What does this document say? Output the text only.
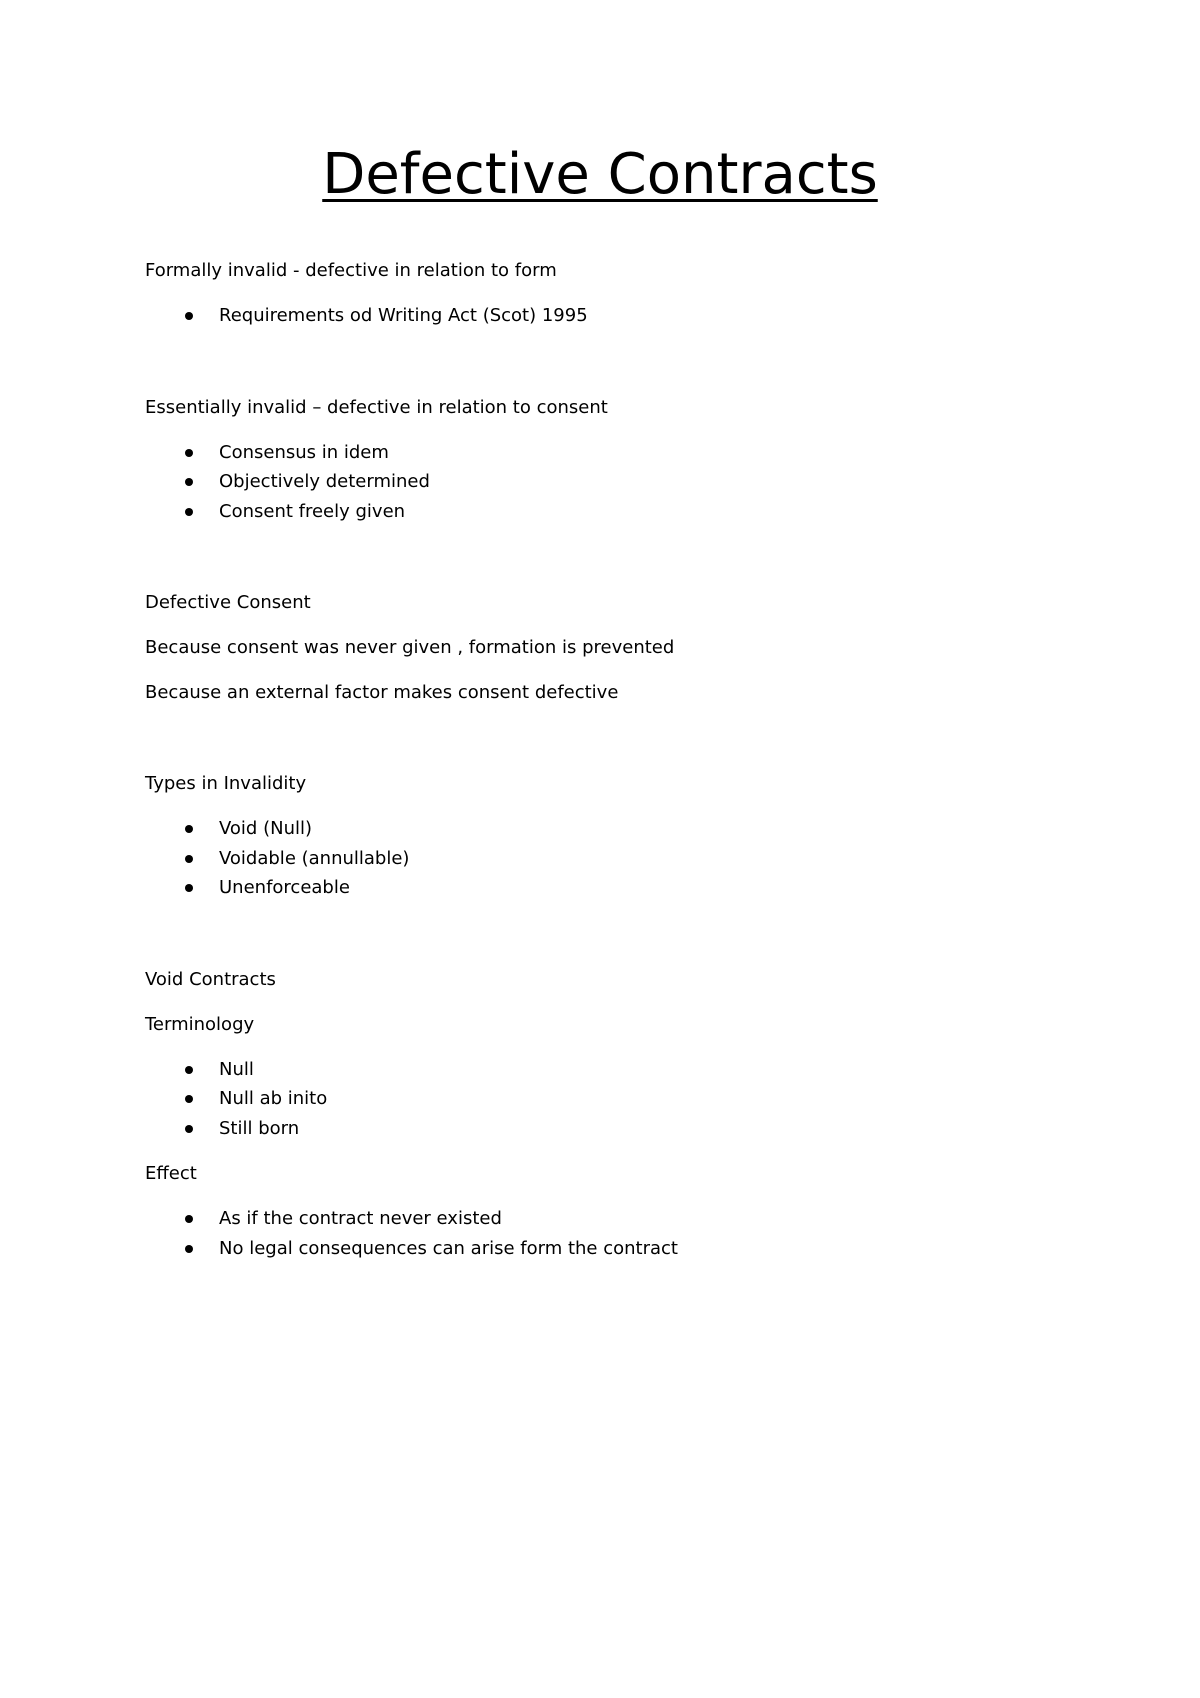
Defective Contracts

Formally invalid - defective in relation to form

Requirements od Writing Act (Scot) 1995

Essentially invalid – defective in relation to consent

Consensus in idem
Objectively determined
Consent freely given

Defective Consent

Because consent was never given , formation is prevented

Because an external factor makes consent defective

Types in Invalidity

Void (Null)
Voidable (annullable)
Unenforceable

Void Contracts

Terminology

Null
Null ab inito
Still born

Effect

As if the contract never existed
No legal consequences can arise form the contract
